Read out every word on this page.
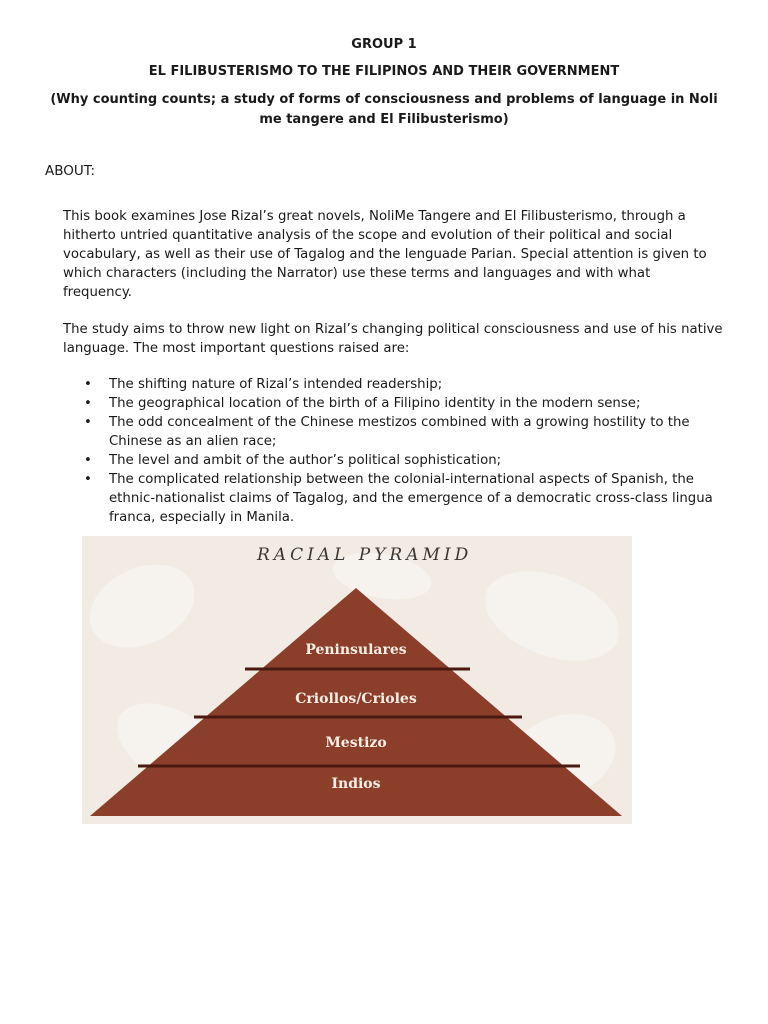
GROUP 1
EL FILIBUSTERISMO TO THE FILIPINOS AND THEIR GOVERNMENT
(Why counting counts; a study of forms of consciousness and problems of language in Noli me tangere and El Filibusterismo)
ABOUT:

This book examines Jose Rizal’s great novels, NoliMe Tangere and El Filibusterismo, through a hitherto untried quantitative analysis of the scope and evolution of their political and social vocabulary, as well as their use of Tagalog and the lenguade Parian. Special attention is given to which characters (including the Narrator) use these terms and languages and with what frequency.

The study aims to throw new light on Rizal’s changing political consciousness and use of his native language. The most important questions raised are:

• The shifting nature of Rizal’s intended readership;
• The geographical location of the birth of a Filipino identity in the modern sense;
• The odd concealment of the Chinese mestizos combined with a growing hostility to the Chinese as an alien race;
• The level and ambit of the author’s political sophistication;
• The complicated relationship between the colonial-international aspects of Spanish, the ethnic-nationalist claims of Tagalog, and the emergence of a democratic cross-class lingua franca, especially in Manila.
RACIAL PYRAMID
Peninsulares
Criollos/Crioles
Mestizo
Indios
